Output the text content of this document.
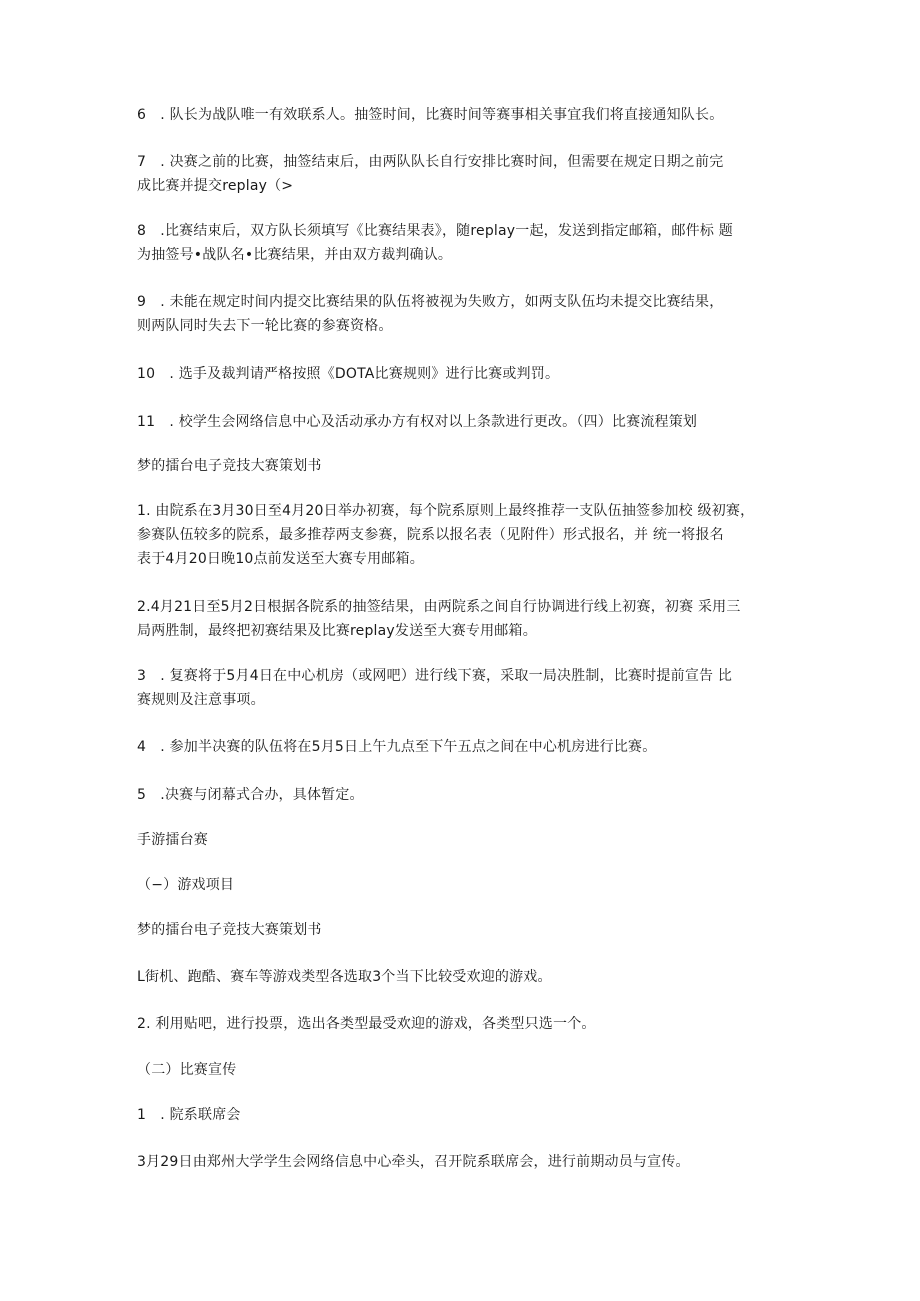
6　. 队长为战队唯一有效联系人。抽签时间，比赛时间等赛事相关事宜我们将直接通知队长。
7　. 决赛之前的比赛，抽签结束后，由两队队长自行安排比赛时间，但需要在规定日期之前完
成比赛并提交replay（>
8　.比赛结束后，双方队长须填写《比赛结果表》，随replay一起，发送到指定邮箱，邮件标 题
为抽签号•战队名•比赛结果，并由双方裁判确认。
9　. 未能在规定时间内提交比赛结果的队伍将被视为失败方，如两支队伍均未提交比赛结果，
则两队同时失去下一轮比赛的参赛资格。
10　. 选手及裁判请严格按照《DOTA比赛规则》进行比赛或判罚。
11　. 校学生会网络信息中心及活动承办方有权对以上条款进行更改。（四）比赛流程策划
梦的擂台电子竞技大赛策划书
1. 由院系在3月30日至4月20日举办初赛，每个院系原则上最终推荐一支队伍抽签参加校 级初赛，
参赛队伍较多的院系，最多推荐两支参赛，院系以报名表（见附件）形式报名，并 统一将报名
表于4月20日晚10点前发送至大赛专用邮箱。
2.4月21日至5月2日根据各院系的抽签结果，由两院系之间自行协调进行线上初赛，初赛 采用三
局两胜制，最终把初赛结果及比赛replay发送至大赛专用邮箱。
3　. 复赛将于5月4日在中心机房（或网吧）进行线下赛，采取一局决胜制，比赛时提前宣告 比
赛规则及注意事项。
4　. 参加半决赛的队伍将在5月5日上午九点至下午五点之间在中心机房进行比赛。
5　.决赛与闭幕式合办，具体暂定。
手游擂台赛
（−）游戏项目
梦的擂台电子竞技大赛策划书
L街机、跑酷、赛车等游戏类型各选取3个当下比较受欢迎的游戏。
2. 利用贴吧，进行投票，选出各类型最受欢迎的游戏，各类型只选一个。
（二）比赛宣传
1　. 院系联席会
3月29日由郑州大学学生会网络信息中心牵头，召开院系联席会，进行前期动员与宣传。
